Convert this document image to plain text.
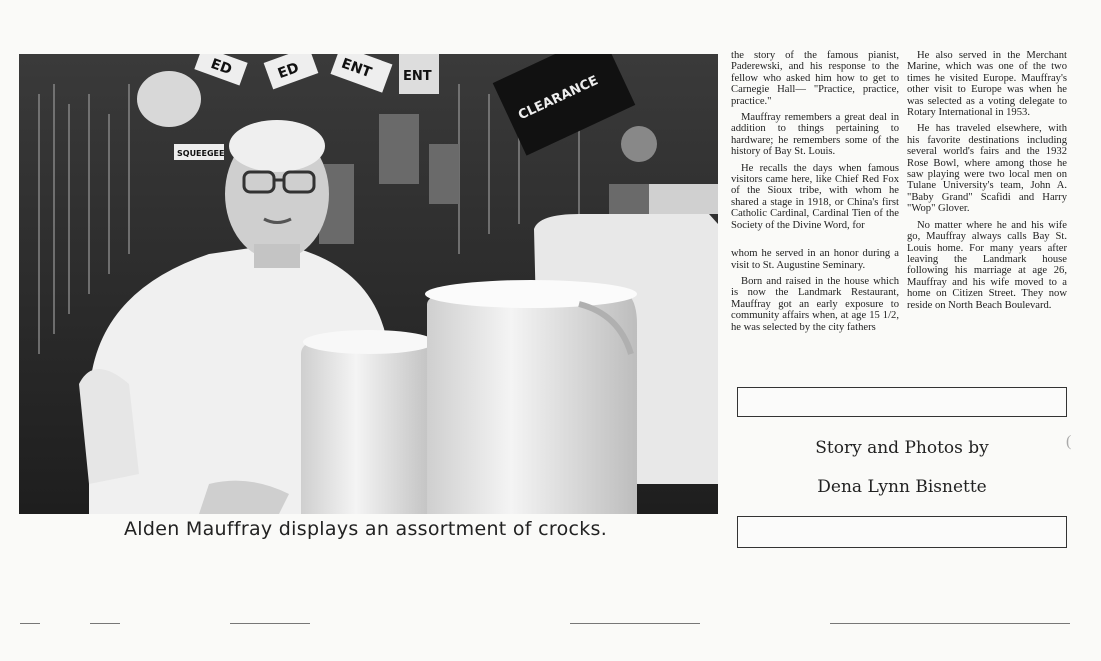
ED	ED	ENT ENT	CLEARANCE
SQUEEGEE
Alden Mauffray displays an assortment of crocks.

the story of the famous pianist, Paderewski, and his response to the fellow who asked him how to get to Carnegie Hall— "Practice, practice, practice."

Mauffray remembers a great deal in addition to things pertaining to hardware; he remembers some of the history of Bay St. Louis.

He recalls the days when famous visitors came here, like Chief Red Fox of the Sioux tribe, with whom he shared a stage in 1918, or China's first Catholic Cardinal, Cardinal Tien of the Society of the Divine Word, for

whom he served in an honor during a visit to St. Augustine Seminary.

Born and raised in the house which is now the Landmark Restaurant, Mauffray got an early exposure to community affairs when, at age 15 1/2, he was selected by the city fathers

He also served in the Merchant Marine, which was one of the two times he visited Europe. Mauffray's other visit to Europe was when he was selected as a voting delegate to Rotary International in 1953.

He has traveled elsewhere, with his favorite destinations including several world's fairs and the 1932 Rose Bowl, where among those he saw playing were two local men on Tulane University's team, John A. "Baby Grand" Scafidi and Harry "Wop" Glover.

No matter where he and his wife go, Mauffray always calls Bay St. Louis home. For many years after leaving the Landmark house following his marriage at age 26, Mauffray and his wife moved to a home on Citizen Street. They now reside on North Beach Boulevard.

Story and Photos by
Dena Lynn Bisnette
(
